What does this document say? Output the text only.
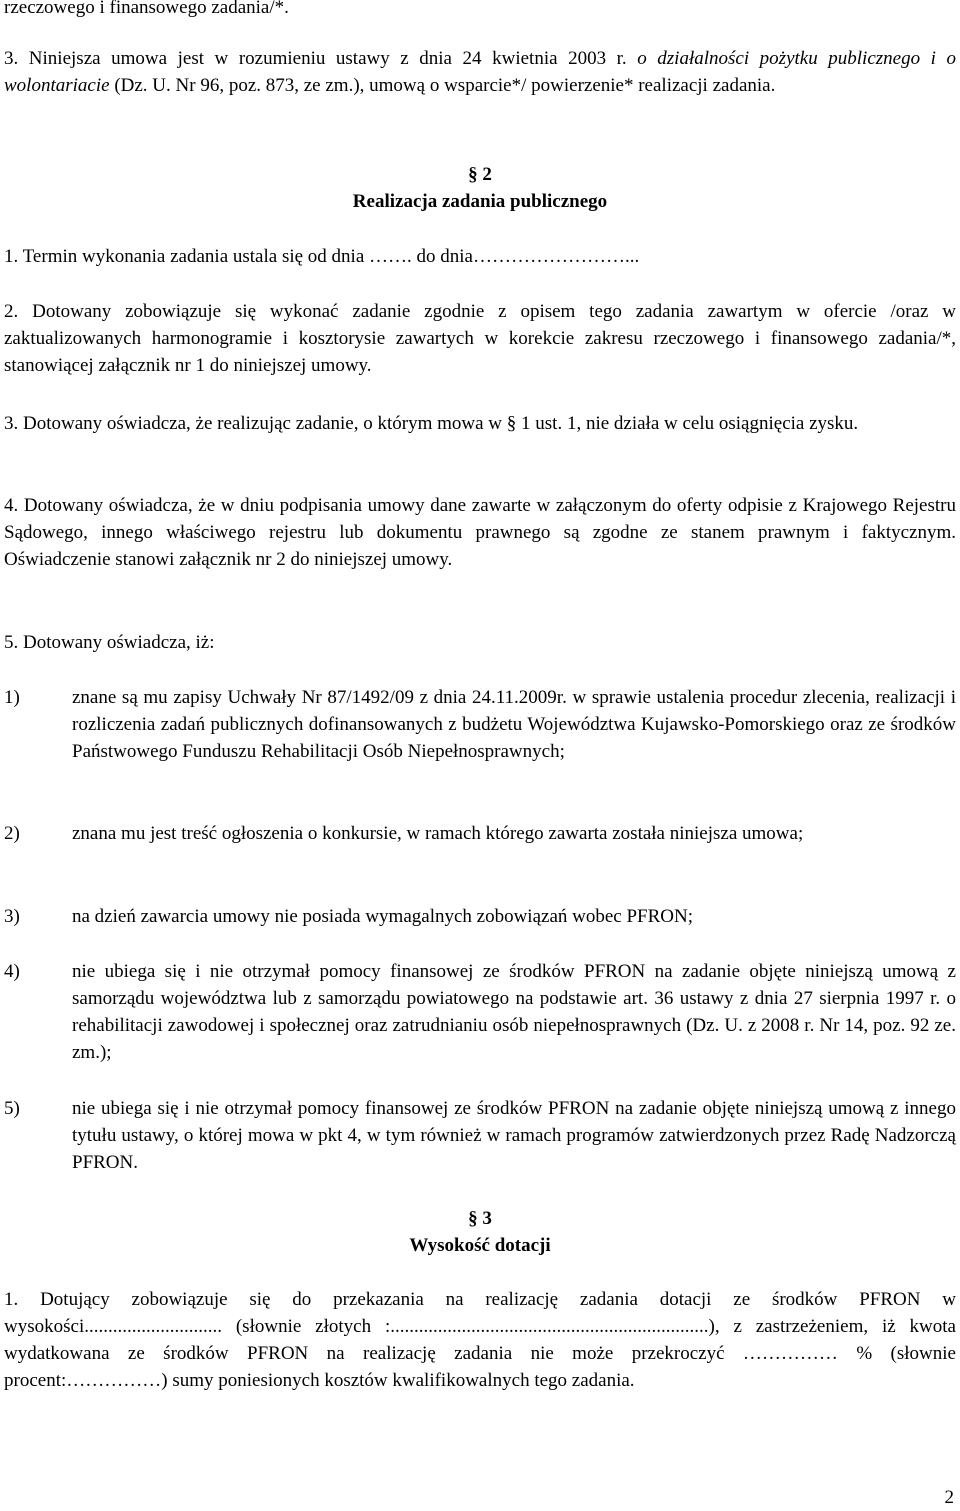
rzeczowego i finansowego zadania/*.

3. Niniejsza umowa jest w rozumieniu ustawy z dnia 24 kwietnia 2003 r. o działalności pożytku publicznego i o wolontariacie (Dz. U. Nr 96, poz. 873, ze zm.), umową o wsparcie*/ powierzenie* realizacji zadania.

§ 2

Realizacja zadania publicznego

1. Termin wykonania zadania ustala się od dnia ……. do dnia……………………...

2. Dotowany zobowiązuje się wykonać zadanie zgodnie z opisem tego zadania zawartym w ofercie /oraz w zaktualizowanych harmonogramie i kosztorysie zawartych w korekcie zakresu rzeczowego i finansowego zadania/*, stanowiącej załącznik nr 1 do niniejszej umowy.

3. Dotowany oświadcza, że realizując zadanie, o którym mowa w § 1 ust. 1, nie działa w celu osiągnięcia zysku.

4. Dotowany oświadcza, że w dniu podpisania umowy dane zawarte w załączonym do oferty odpisie z Krajowego Rejestru Sądowego, innego właściwego rejestru lub dokumentu prawnego są zgodne ze stanem prawnym i faktycznym. Oświadczenie stanowi załącznik nr 2 do niniejszej umowy.

5. Dotowany oświadcza, iż:

1)	znane są mu zapisy Uchwały Nr 87/1492/09 z dnia 24.11.2009r. w sprawie ustalenia procedur zlecenia, realizacji i rozliczenia zadań publicznych dofinansowanych z budżetu Województwa Kujawsko-Pomorskiego oraz ze środków Państwowego Funduszu Rehabilitacji Osób Niepełnosprawnych;
2)	znana mu jest treść ogłoszenia o konkursie, w ramach którego zawarta została niniejsza umowa;
3)	na dzień zawarcia umowy nie posiada wymagalnych zobowiązań wobec PFRON;
4)	nie ubiega się i nie otrzymał pomocy finansowej ze środków PFRON na zadanie objęte niniejszą umową z samorządu województwa lub z samorządu powiatowego na podstawie art. 36 ustawy z dnia 27 sierpnia 1997 r. o rehabilitacji zawodowej i społecznej oraz zatrudnianiu osób niepełnosprawnych (Dz. U. z 2008 r. Nr 14, poz. 92 ze. zm.);
5)	nie ubiega się i nie otrzymał pomocy finansowej ze środków PFRON na zadanie objęte niniejszą umową z innego tytułu ustawy, o której mowa w pkt 4, w tym również w ramach programów zatwierdzonych przez Radę Nadzorczą PFRON.

§ 3

Wysokość dotacji

1. Dotujący zobowiązuje się do przekazania na realizację zadania dotacji ze środków PFRON w wysokości............................. (słownie złotych :...................................................................), z zastrzeżeniem, iż kwota wydatkowana ze środków PFRON na realizację zadania nie może przekroczyć …………… % (słownie procent:……………) sumy poniesionych kosztów kwalifikowalnych tego zadania.

2
